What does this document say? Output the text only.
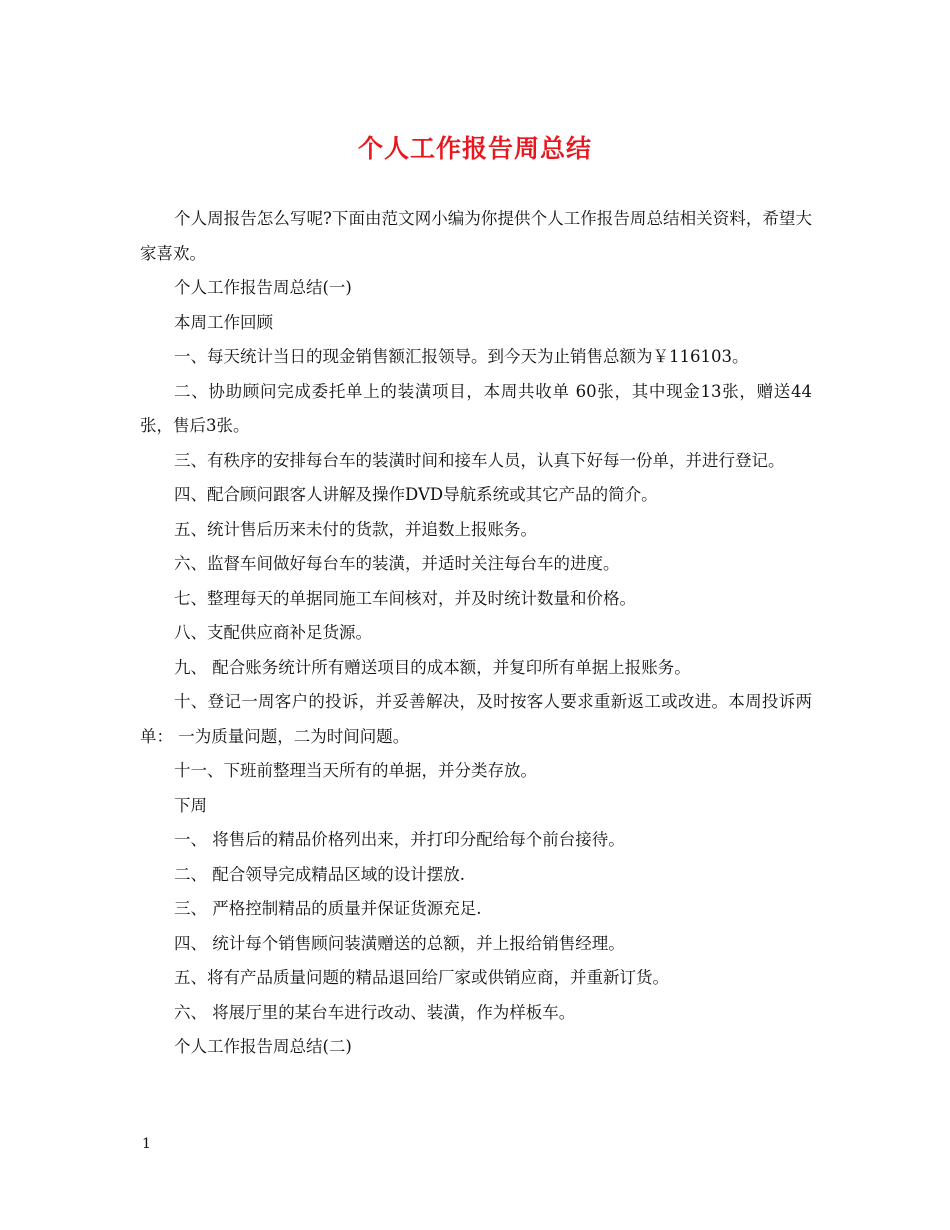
个人工作报告周总结

个人周报告怎么写呢?下面由范文网小编为你提供个人工作报告周总结相关资料，希望大家喜欢。

个人工作报告周总结(一)

本周工作回顾

一、每天统计当日的现金销售额汇报领导。到今天为止销售总额为￥116103。

二、协助顾问完成委托单上的装潢项目，本周共收单 60张，其中现金13张，赠送44张，售后3张。

三、有秩序的安排每台车的装潢时间和接车人员，认真下好每一份单，并进行登记。

四、配合顾问跟客人讲解及操作DVD导航系统或其它产品的简介。

五、统计售后历来未付的货款，并追数上报账务。

六、监督车间做好每台车的装潢，并适时关注每台车的进度。

七、整理每天的单据同施工车间核对，并及时统计数量和价格。

八、支配供应商补足货源。

九、 配合账务统计所有赠送项目的成本额，并复印所有单据上报账务。

十、登记一周客户的投诉，并妥善解决，及时按客人要求重新返工或改进。本周投诉两单： 一为质量问题，二为时间问题。

十一、下班前整理当天所有的单据，并分类存放。

下周

一、 将售后的精品价格列出来，并打印分配给每个前台接待。

二、 配合领导完成精品区域的设计摆放.

三、 严格控制精品的质量并保证货源充足.

四、 统计每个销售顾问装潢赠送的总额，并上报给销售经理。

五、将有产品质量问题的精品退回给厂家或供销应商，并重新订货。

六、 将展厅里的某台车进行改动、装潢，作为样板车。

个人工作报告周总结(二)

1
